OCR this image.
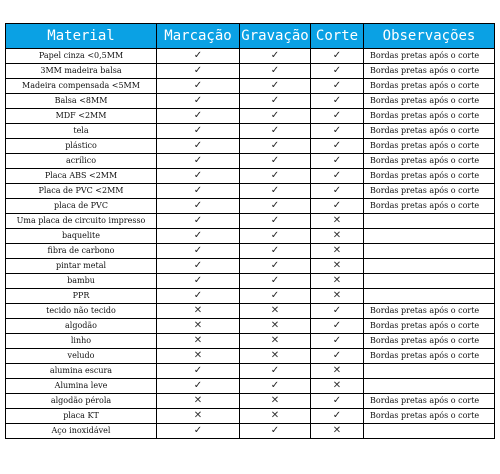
Material	Marcação	Gravação	Corte	Observações
Papel cinza <0,5MM	✓	✓	✓	Bordas pretas após o corte
3MM madeira balsa	✓	✓	✓	Bordas pretas após o corte
Madeira compensada <5MM	✓	✓	✓	Bordas pretas após o corte
Balsa <8MM	✓	✓	✓	Bordas pretas após o corte
MDF <2MM	✓	✓	✓	Bordas pretas após o corte
tela	✓	✓	✓	Bordas pretas após o corte
plástico	✓	✓	✓	Bordas pretas após o corte
acrílico	✓	✓	✓	Bordas pretas após o corte
Placa ABS <2MM	✓	✓	✓	Bordas pretas após o corte
Placa de PVC <2MM	✓	✓	✓	Bordas pretas após o corte
placa de PVC	✓	✓	✓	Bordas pretas após o corte
Uma placa de circuito impresso	✓	✓	✕	
baquelite	✓	✓	✕	
fibra de carbono	✓	✓	✕	
pintar metal	✓	✓	✕	
bambu	✓	✓	✕	
PPR	✓	✓	✕	
tecido não tecido	✕	✕	✓	Bordas pretas após o corte
algodão	✕	✕	✓	Bordas pretas após o corte
linho	✕	✕	✓	Bordas pretas após o corte
veludo	✕	✕	✓	Bordas pretas após o corte
alumina escura	✓	✓	✕	
Alumina leve	✓	✓	✕	
algodão pérola	✕	✕	✓	Bordas pretas após o corte
placa KT	✕	✕	✓	Bordas pretas após o corte
Aço inoxidável	✓	✓	✕	
